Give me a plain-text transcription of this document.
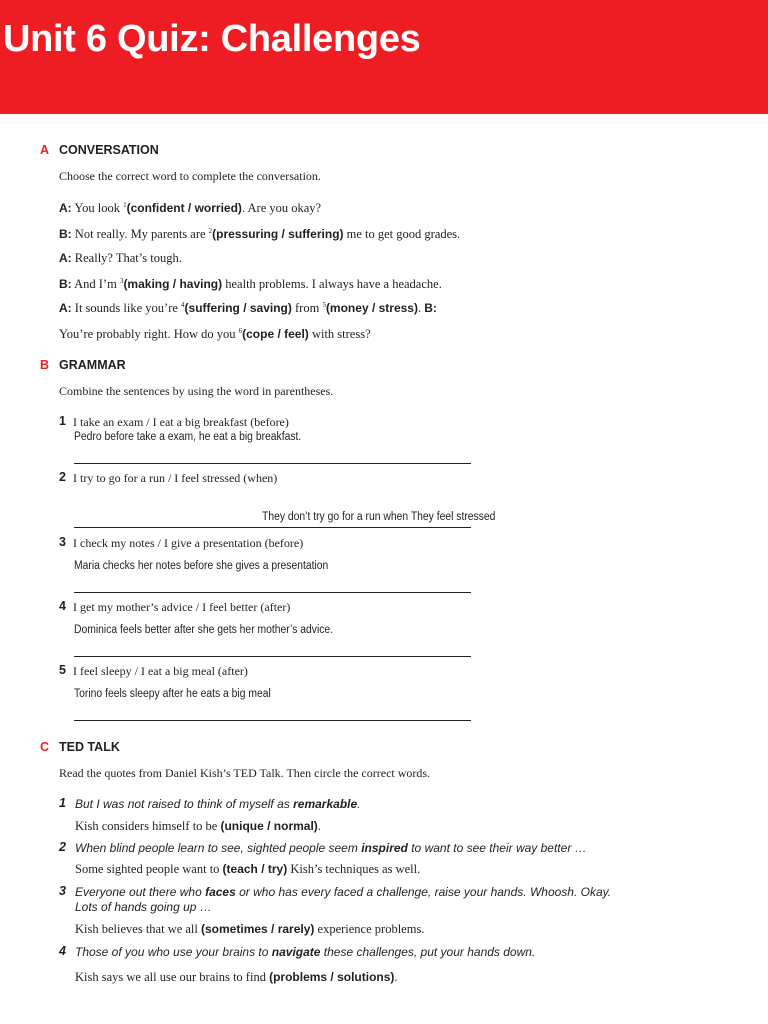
Unit 6 Quiz: Challenges
A CONVERSATION
Choose the correct word to complete the conversation.
A: You look $^1$(confident / worried). Are you okay?
B: Not really. My parents are $^2$(pressuring / suffering) me to get good grades.
A: Really? That’s tough.
B: And I’m $^3$(making / having) health problems. I always have a headache.
A: It sounds like you’re $^4$(suffering / saving) from $^5$(money / stress). B:
You’re probably right. How do you $^6$(cope / feel) with stress?
B GRAMMAR
Combine the sentences by using the word in parentheses.
1 I take an exam / I eat a big breakfast (before)
Pedro before take a exam, he eat a big breakfast.
2 I try to go for a run / I feel stressed (when)
They don’t try go for a run when They feel stressed
3 I check my notes / I give a presentation (before)
Maria checks her notes before she gives a presentation
4 I get my mother’s advice / I feel better (after)
Dominica feels better after she gets her mother’s advice.
5 I feel sleepy / I eat a big meal (after)
Torino feels sleepy after he eats a big meal
C TED TALK
Read the quotes from Daniel Kish’s TED Talk. Then circle the correct words.
1 But I was not raised to think of myself as remarkable.
Kish considers himself to be (unique / normal).
2 When blind people learn to see, sighted people seem inspired to want to see their way better …
Some sighted people want to (teach / try) Kish’s techniques as well.
3 Everyone out there who faces or who has every faced a challenge, raise your hands. Whoosh. Okay.
Lots of hands going up …
Kish believes that we all (sometimes / rarely) experience problems.
4 Those of you who use your brains to navigate these challenges, put your hands down.
Kish says we all use our brains to find (problems / solutions).
